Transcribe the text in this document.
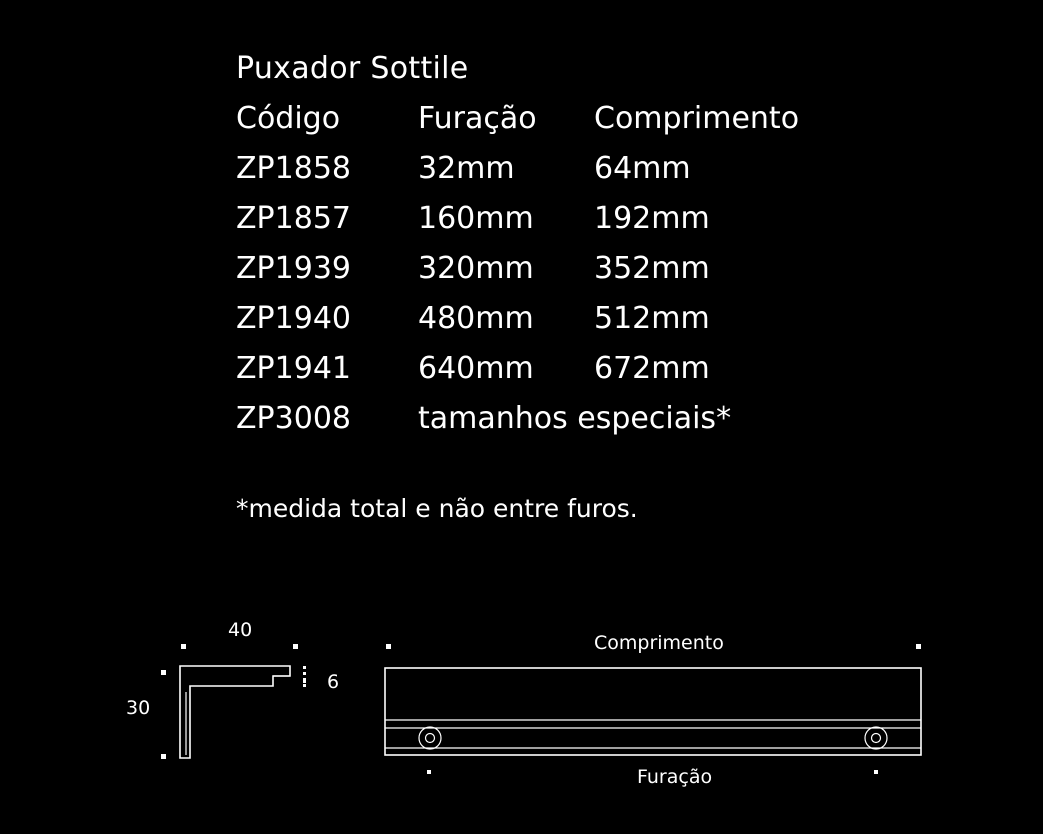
Puxador Sottile
Código	Furação	Comprimento
ZP1858	32mm	64mm
ZP1857	160mm	192mm
ZP1939	320mm	352mm
ZP1940	480mm	512mm
ZP1941	640mm	672mm
ZP3008	tamanhos especiais*	
*medida total e não entre furos.
40
6
30
Comprimento
Furação
